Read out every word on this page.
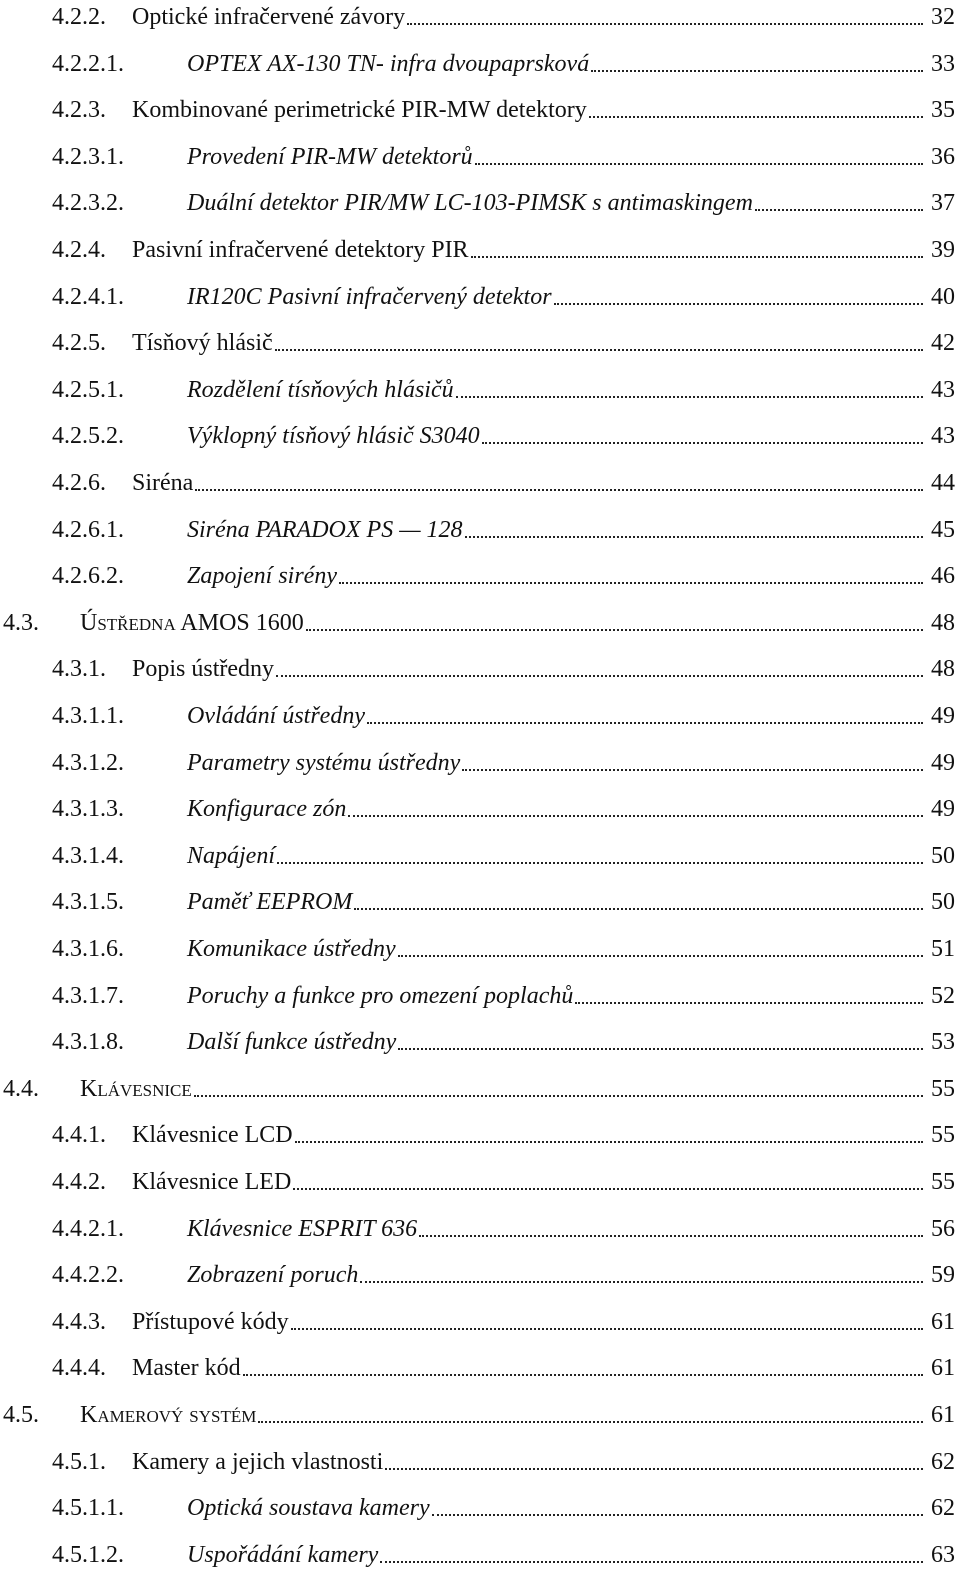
4.2.2.	Optické infračervené závory	32
4.2.2.1.	OPTEX AX-130 TN- infra dvoupaprsková	33
4.2.3.	Kombinované perimetrické PIR-MW detektory	35
4.2.3.1.	Provedení PIR-MW detektorů	36
4.2.3.2.	Duální detektor PIR/MW LC-103-PIMSK s antimaskingem	37
4.2.4.	Pasivní infračervené detektory PIR	39
4.2.4.1.	IR120C Pasivní infračervený detektor	40
4.2.5.	Tísňový hlásič	42
4.2.5.1.	Rozdělení tísňových hlásičů	43
4.2.5.2.	Výklopný tísňový hlásič S3040	43
4.2.6.	Siréna	44
4.2.6.1.	Siréna PARADOX PS — 128	45
4.2.6.2.	Zapojení sirény	46
4.3.	Ústředna AMOS 1600	48
4.3.1.	Popis ústředny	48
4.3.1.1.	Ovládání ústředny	49
4.3.1.2.	Parametry systému ústředny	49
4.3.1.3.	Konfigurace zón	49
4.3.1.4.	Napájení	50
4.3.1.5.	Paměť EEPROM	50
4.3.1.6.	Komunikace ústředny	51
4.3.1.7.	Poruchy a funkce pro omezení poplachů	52
4.3.1.8.	Další funkce ústředny	53
4.4.	Klávesnice	55
4.4.1.	Klávesnice LCD	55
4.4.2.	Klávesnice LED	55
4.4.2.1.	Klávesnice ESPRIT 636	56
4.4.2.2.	Zobrazení poruch	59
4.4.3.	Přístupové kódy	61
4.4.4.	Master kód	61
4.5.	Kamerový systém	61
4.5.1.	Kamery a jejich vlastnosti	62
4.5.1.1.	Optická soustava kamery	62
4.5.1.2.	Uspořádání kamery	63
